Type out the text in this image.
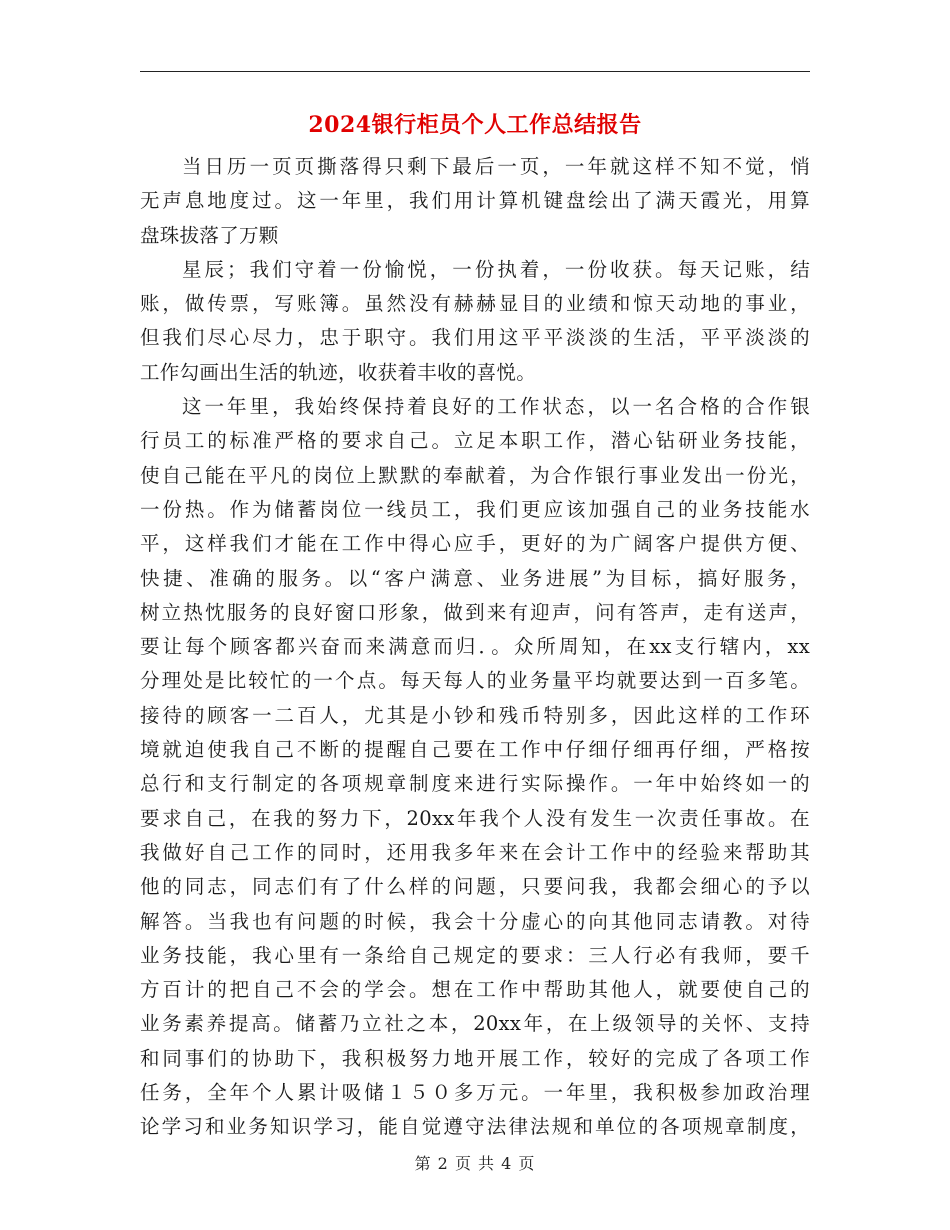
2024银行柜员个人工作总结报告
当日历一页页撕落得只剩下最后一页，一年就这样不知不觉，悄
无声息地度过。这一年里，我们用计算机键盘绘出了满天霞光，用算
盘珠拔落了万颗
星辰；我们守着一份愉悦，一份执着，一份收获。每天记账，结
账，做传票，写账簿。虽然没有赫赫显目的业绩和惊天动地的事业，
但我们尽心尽力，忠于职守。我们用这平平淡淡的生活，平平淡淡的
工作勾画出生活的轨迹，收获着丰收的喜悦。
这一年里，我始终保持着良好的工作状态，以一名合格的合作银
行员工的标准严格的要求自己。立足本职工作，潜心钻研业务技能，
使自己能在平凡的岗位上默默的奉献着，为合作银行事业发出一份光，
一份热。作为储蓄岗位一线员工，我们更应该加强自己的业务技能水
平，这样我们才能在工作中得心应手，更好的为广阔客户提供方便、
快捷、准确的服务。以“客户满意、业务进展”为目标，搞好服务，
树立热忱服务的良好窗口形象，做到来有迎声，问有答声，走有送声，
要让每个顾客都兴奋而来满意而归．。众所周知，在xx支行辖内，xx
分理处是比较忙的一个点。每天每人的业务量平均就要达到一百多笔。
接待的顾客一二百人，尤其是小钞和残币特别多，因此这样的工作环
境就迫使我自己不断的提醒自己要在工作中仔细仔细再仔细，严格按
总行和支行制定的各项规章制度来进行实际操作。一年中始终如一的
要求自己，在我的努力下，20xx年我个人没有发生一次责任事故。在
我做好自己工作的同时，还用我多年来在会计工作中的经验来帮助其
他的同志，同志们有了什么样的问题，只要问我，我都会细心的予以
解答。当我也有问题的时候，我会十分虚心的向其他同志请教。对待
业务技能，我心里有一条给自己规定的要求：三人行必有我师，要千
方百计的把自己不会的学会。想在工作中帮助其他人，就要使自己的
业务素养提高。储蓄乃立社之本，20xx年，在上级领导的关怀、支持
和同事们的协助下，我积极努力地开展工作，较好的完成了各项工作
任务，全年个人累计吸储１５０多万元。一年里，我积极参加政治理
论学习和业务知识学习，能自觉遵守法律法规和单位的各项规章制度，
第 2 页 共 4 页
